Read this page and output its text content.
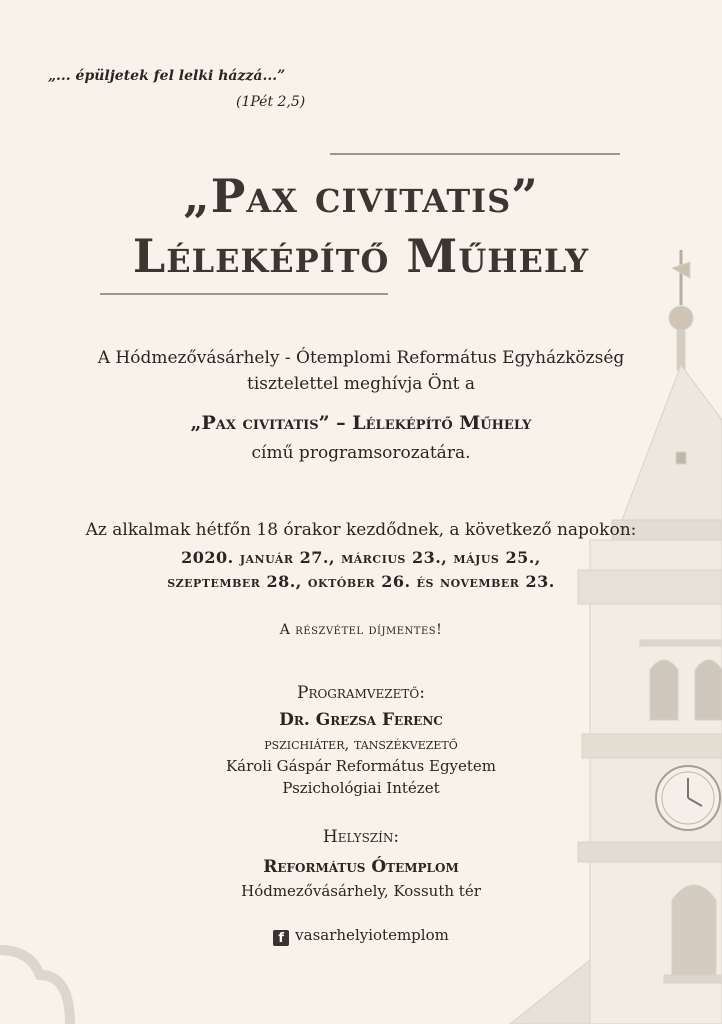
„... épüljetek fel lelki házzá...”
(1Pét 2,5)
„Pax civitatis”
Léleképítő Műhely
A Hódmezővásárhely - Ótemplomi Református Egyházközség
tisztelettel meghívja Önt a
„Pax civitatis” – Léleképítő Műhely
című programsorozatára.
Az alkalmak hétfőn 18 órakor kezdődnek, a következő napokon:
2020. január 27., március 23., május 25.,
szeptember 28., október 26. és november 23.
A részvétel díjmentes!
Programvezető:
Dr. Grezsa Ferenc
pszichiáter, tanszékvezető
Károli Gáspár Református Egyetem
Pszichológiai Intézet
Helyszín:
Református Ótemplom
Hódmezővásárhely, Kossuth tér
f vasarhelyiotemplom
